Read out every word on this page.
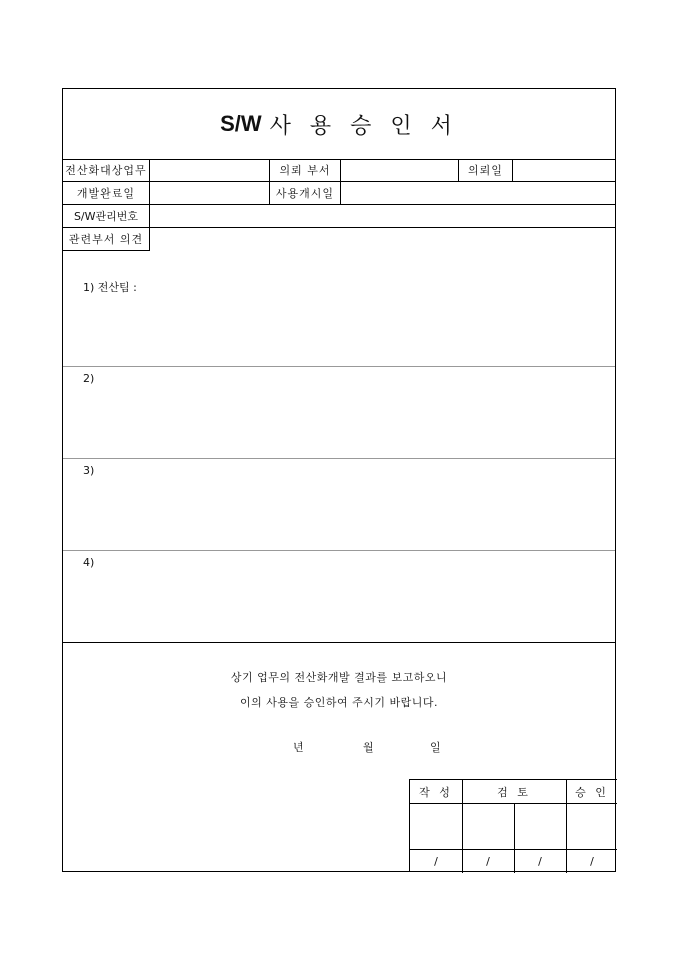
S/W 사 용 승 인 서
전산화대상업무	의뢰 부서	의뢰일
개발완료일	사용개시일
S/W관리번호
관련부서 의견
1) 전산팀 :
2)
3)
4)
상기 업무의 전산화개발 결과를 보고하오니
이의 사용을 승인하여 주시기 바랍니다.
년	월	일
작 성	검 토	승 인
/	/	/	/
